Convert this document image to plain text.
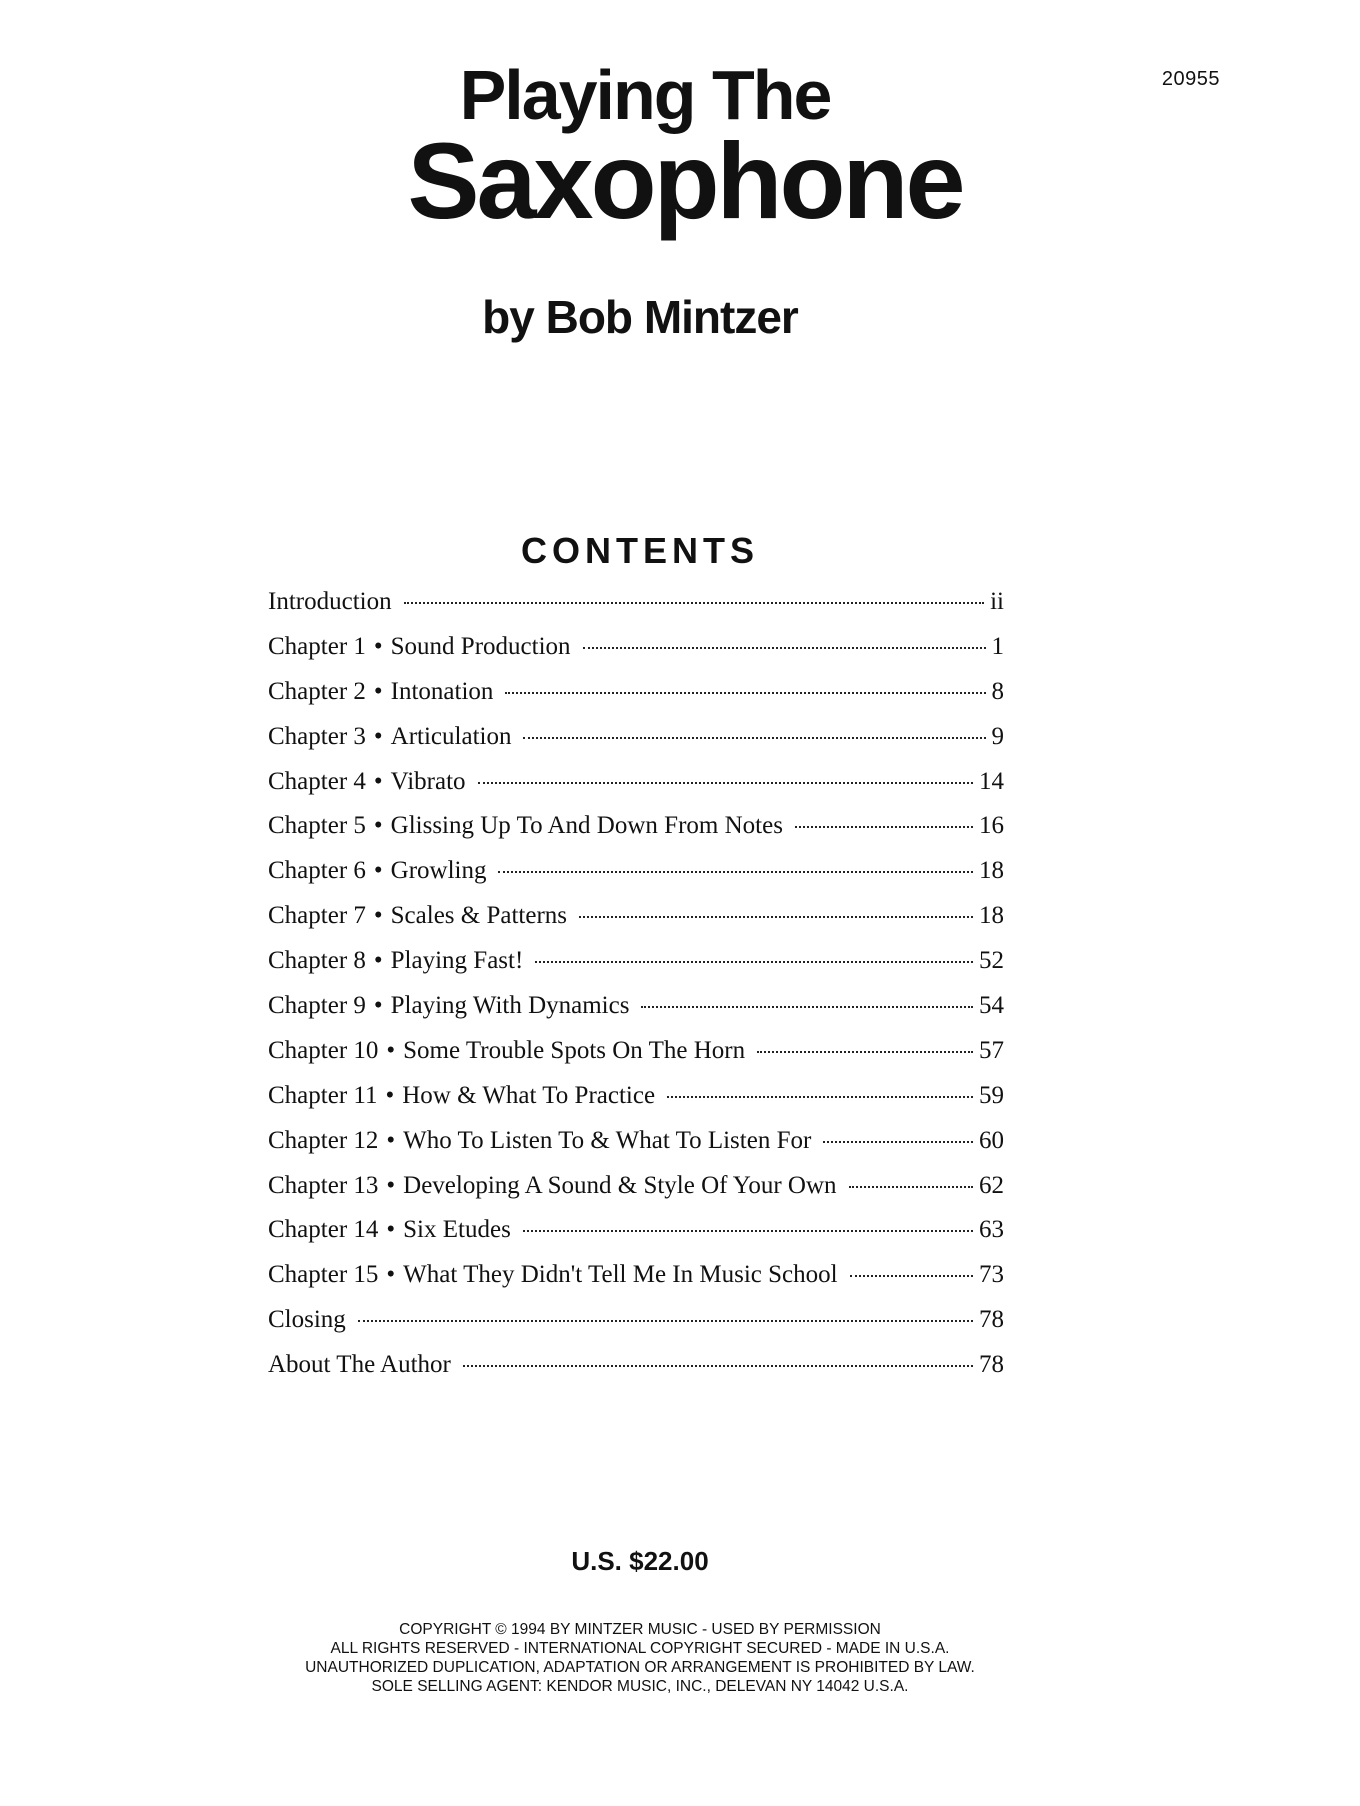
20955
Playing The
Saxophone
by Bob Mintzer
CONTENTS
Introduction	ii
Chapter 1 • Sound Production	1
Chapter 2 • Intonation	8
Chapter 3 • Articulation	9
Chapter 4 • Vibrato	14
Chapter 5 • Glissing Up To And Down From Notes	16
Chapter 6 • Growling	18
Chapter 7 • Scales & Patterns	18
Chapter 8 • Playing Fast!	52
Chapter 9 • Playing With Dynamics	54
Chapter 10 • Some Trouble Spots On The Horn	57
Chapter 11 • How & What To Practice	59
Chapter 12 • Who To Listen To & What To Listen For	60
Chapter 13 • Developing A Sound & Style Of Your Own	62
Chapter 14 • Six Etudes	63
Chapter 15 • What They Didn't Tell Me In Music School	73
Closing	78
About The Author	78
U.S. $22.00
COPYRIGHT © 1994 BY MINTZER MUSIC - USED BY PERMISSION
ALL RIGHTS RESERVED - INTERNATIONAL COPYRIGHT SECURED - MADE IN U.S.A.
UNAUTHORIZED DUPLICATION, ADAPTATION OR ARRANGEMENT IS PROHIBITED BY LAW.
SOLE SELLING AGENT: KENDOR MUSIC, INC., DELEVAN NY 14042 U.S.A.
